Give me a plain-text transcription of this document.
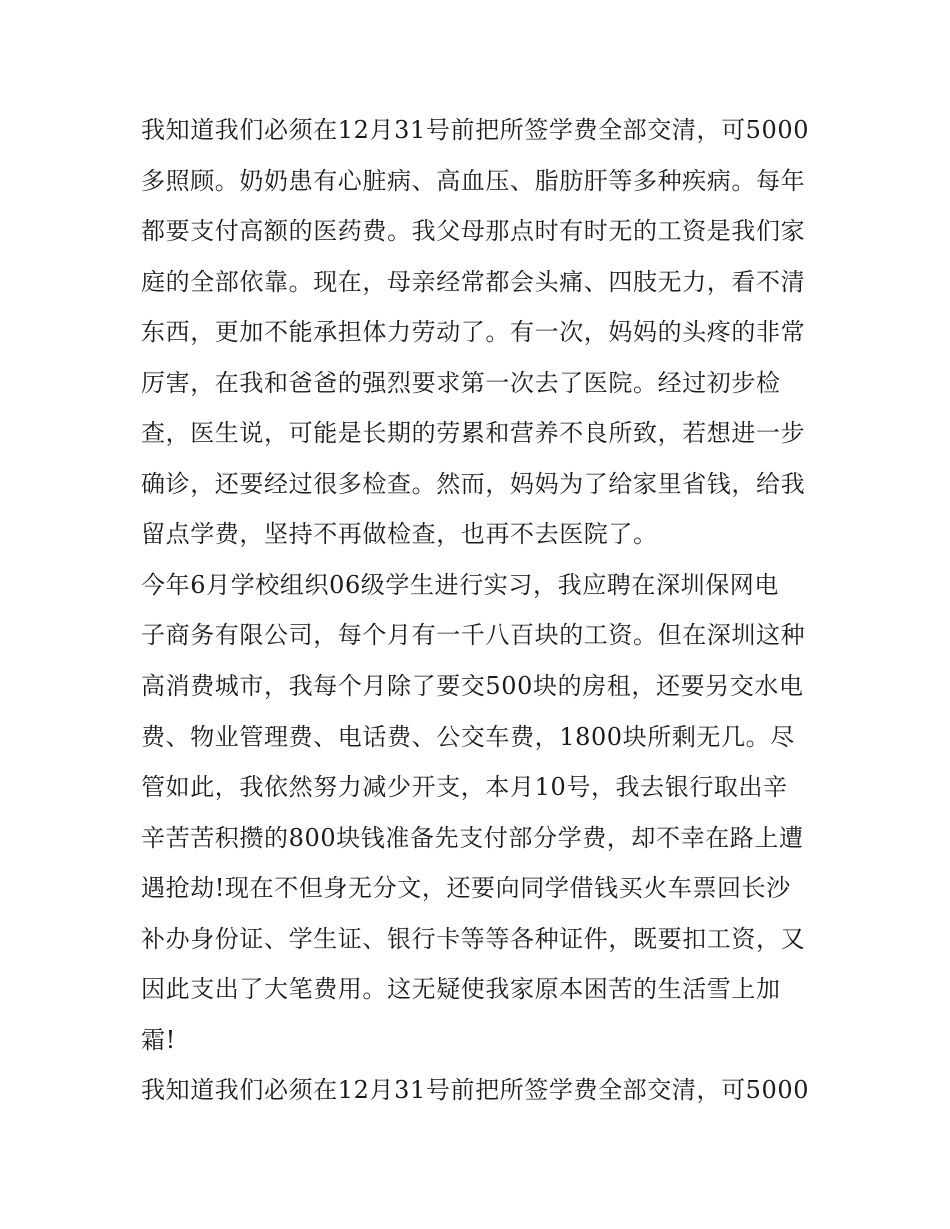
我知道我们必须在12月31号前把所签学费全部交清，可5000
多照顾。奶奶患有心脏病、高血压、脂肪肝等多种疾病。每年
都要支付高额的医药费。我父母那点时有时无的工资是我们家
庭的全部依靠。现在，母亲经常都会头痛、四肢无力，看不清
东西，更加不能承担体力劳动了。有一次，妈妈的头疼的非常
厉害，在我和爸爸的强烈要求第一次去了医院。经过初步检
查，医生说，可能是长期的劳累和营养不良所致，若想进一步
确诊，还要经过很多检查。然而，妈妈为了给家里省钱，给我
留点学费，坚持不再做检查，也再不去医院了。
今年6月学校组织06级学生进行实习，我应聘在深圳保网电
子商务有限公司，每个月有一千八百块的工资。但在深圳这种
高消费城市，我每个月除了要交500块的房租，还要另交水电
费、物业管理费、电话费、公交车费，1800块所剩无几。尽
管如此，我依然努力减少开支，本月10号，我去银行取出辛
辛苦苦积攒的800块钱准备先支付部分学费，却不幸在路上遭
遇抢劫!现在不但身无分文，还要向同学借钱买火车票回长沙
补办身份证、学生证、银行卡等等各种证件，既要扣工资，又
因此支出了大笔费用。这无疑使我家原本困苦的生活雪上加
霜!
我知道我们必须在12月31号前把所签学费全部交清，可5000
